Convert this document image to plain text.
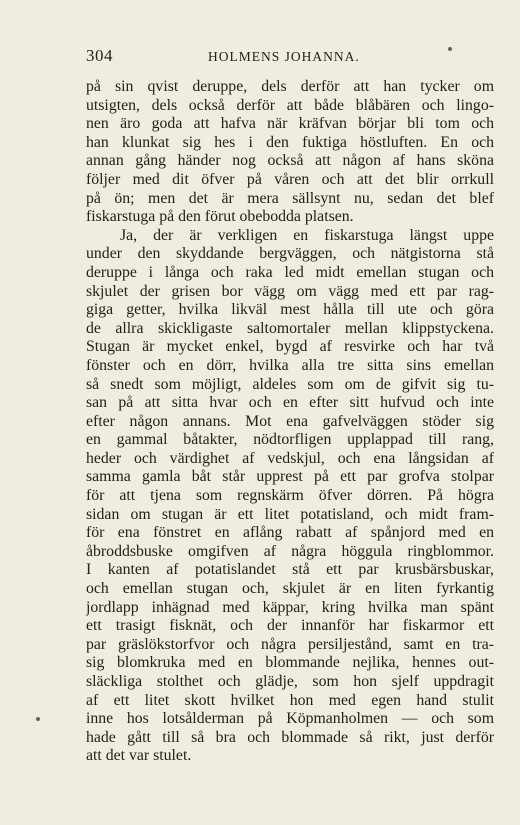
304	HOLMENS JOHANNA.

på sin qvist deruppe, dels derför att han tycker om

utsigten, dels också derför att både blåbären och lingo-

nen äro goda att hafva när kräfvan börjar bli tom och

han klunkat sig hes i den fuktiga höstluften. En och

annan gång händer nog också att någon af hans sköna

följer med dit öfver på våren och att det blir orrkull

på ön; men det är mera sällsynt nu, sedan det blef

fiskarstuga på den förut obebodda platsen.

Ja, der är verkligen en fiskarstuga längst uppe

under den skyddande bergväggen, och nätgistorna stå

deruppe i långa och raka led midt emellan stugan och

skjulet der grisen bor vägg om vägg med ett par rag-

giga getter, hvilka likväl mest hålla till ute och göra

de allra skickligaste saltomortaler mellan klippstyckena.

Stugan är mycket enkel, bygd af resvirke och har två

fönster och en dörr, hvilka alla tre sitta sins emellan

så snedt som möjligt, aldeles som om de gifvit sig tu-

san på att sitta hvar och en efter sitt hufvud och inte

efter någon annans. Mot ena gafvelväggen stöder sig

en gammal båtakter, nödtorfligen upplappad till rang,

heder och värdighet af vedskjul, och ena långsidan af

samma gamla båt står upprest på ett par grofva stolpar

för att tjena som regnskärm öfver dörren. På högra

sidan om stugan är ett litet potatisland, och midt fram-

för ena fönstret en aflång rabatt af spånjord med en

åbroddsbuske omgifven af några höggula ringblommor.

I kanten af potatislandet stå ett par krusbärsbuskar,

och emellan stugan och, skjulet är en liten fyrkantig

jordlapp inhägnad med käppar, kring hvilka man spänt

ett trasigt fisknät, och der innanför har fiskarmor ett

par gräslökstorfvor och några persiljestånd, samt en tra-

sig blomkruka med en blommande nejlika, hennes out-

släckliga stolthet och glädje, som hon sjelf uppdragit

af ett litet skott hvilket hon med egen hand stulit

inne hos lotsålderman på Köpmanholmen — och som

hade gått till så bra och blommade så rikt, just derför

att det var stulet.
